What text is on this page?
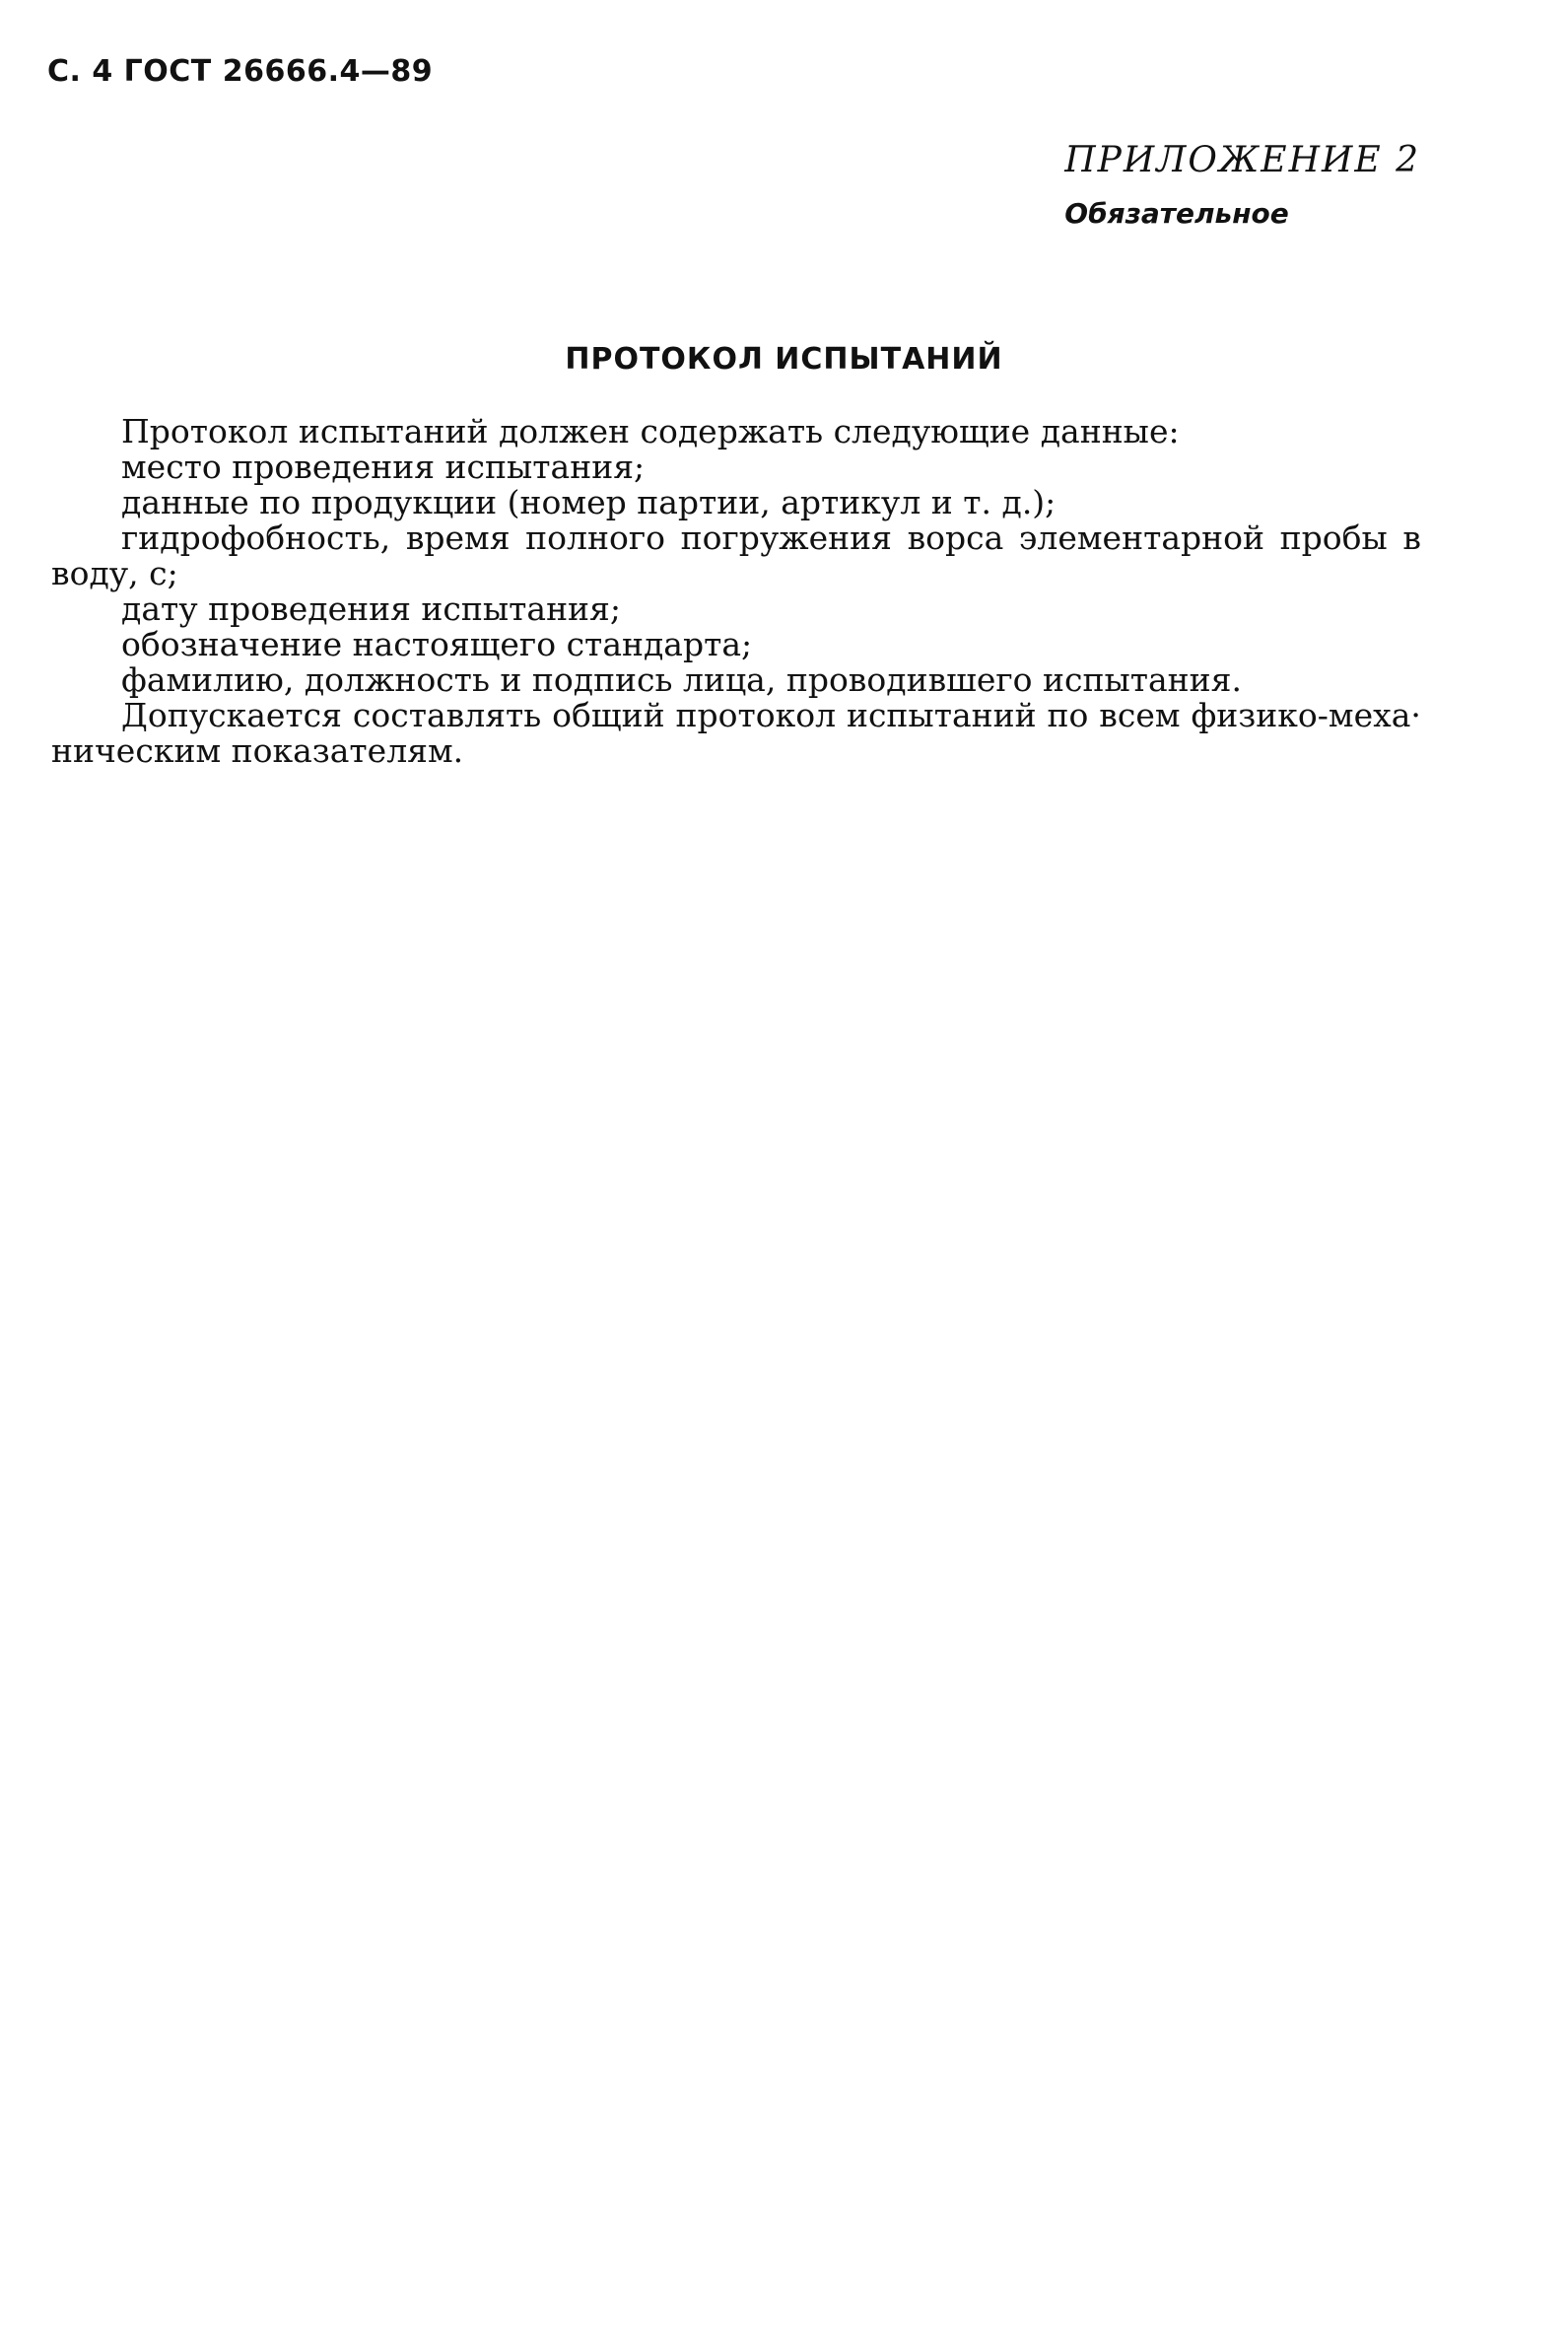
С. 4 ГОСТ 26666.4—89
ПРИЛОЖЕНИЕ 2
Обязательное
ПРОТОКОЛ ИСПЫТАНИЙ
Протокол испытаний должен содержать следующие данные:
место проведения испытания;
данные по продукции (номер партии, артикул и т. д.);
гидрофобность, время полного погружения ворса элементарной пробы в
воду, с;
дату проведения испытания;
обозначение настоящего стандарта;
фамилию, должность и подпись лица, проводившего испытания.
Допускается составлять общий протокол испытаний по всем физико-меха·
ническим показателям.
